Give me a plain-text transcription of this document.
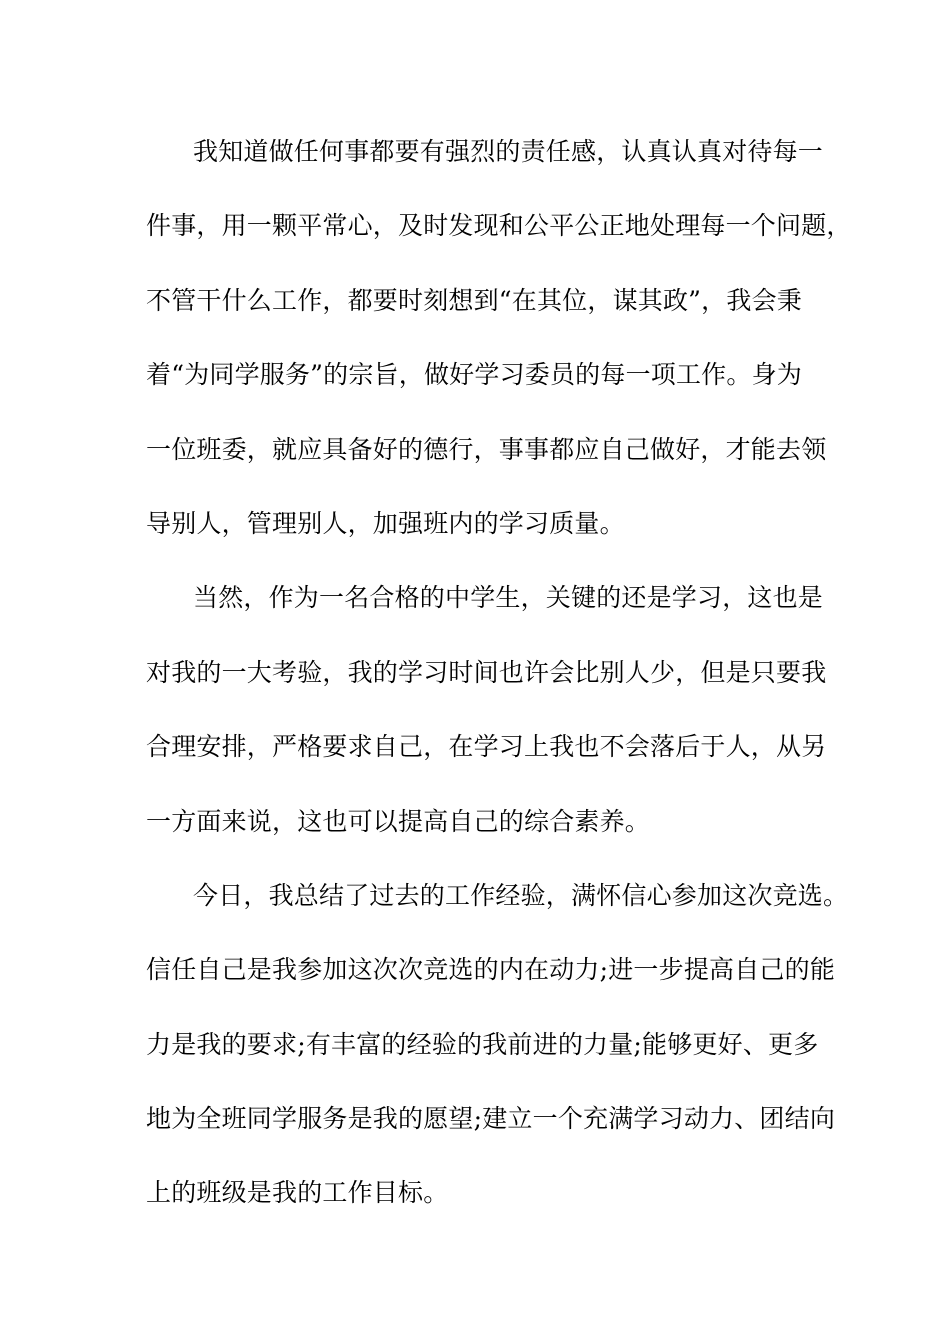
我知道做任何事都要有强烈的责任感，认真认真对待每一
件事，用一颗平常心，及时发现和公平公正地处理每一个问题，
不管干什么工作，都要时刻想到“在其位，谋其政”，我会秉
着“为同学服务”的宗旨，做好学习委员的每一项工作。身为
一位班委，就应具备好的德行，事事都应自己做好，才能去领
导别人，管理别人，加强班内的学习质量。
当然，作为一名合格的中学生，关键的还是学习，这也是
对我的一大考验，我的学习时间也许会比别人少，但是只要我
合理安排，严格要求自己，在学习上我也不会落后于人，从另
一方面来说，这也可以提高自己的综合素养。
今日，我总结了过去的工作经验，满怀信心参加这次竞选。
信任自己是我参加这次次竞选的内在动力;进一步提高自己的能
力是我的要求;有丰富的经验的我前进的力量;能够更好、更多
地为全班同学服务是我的愿望;建立一个充满学习动力、团结向
上的班级是我的工作目标。
